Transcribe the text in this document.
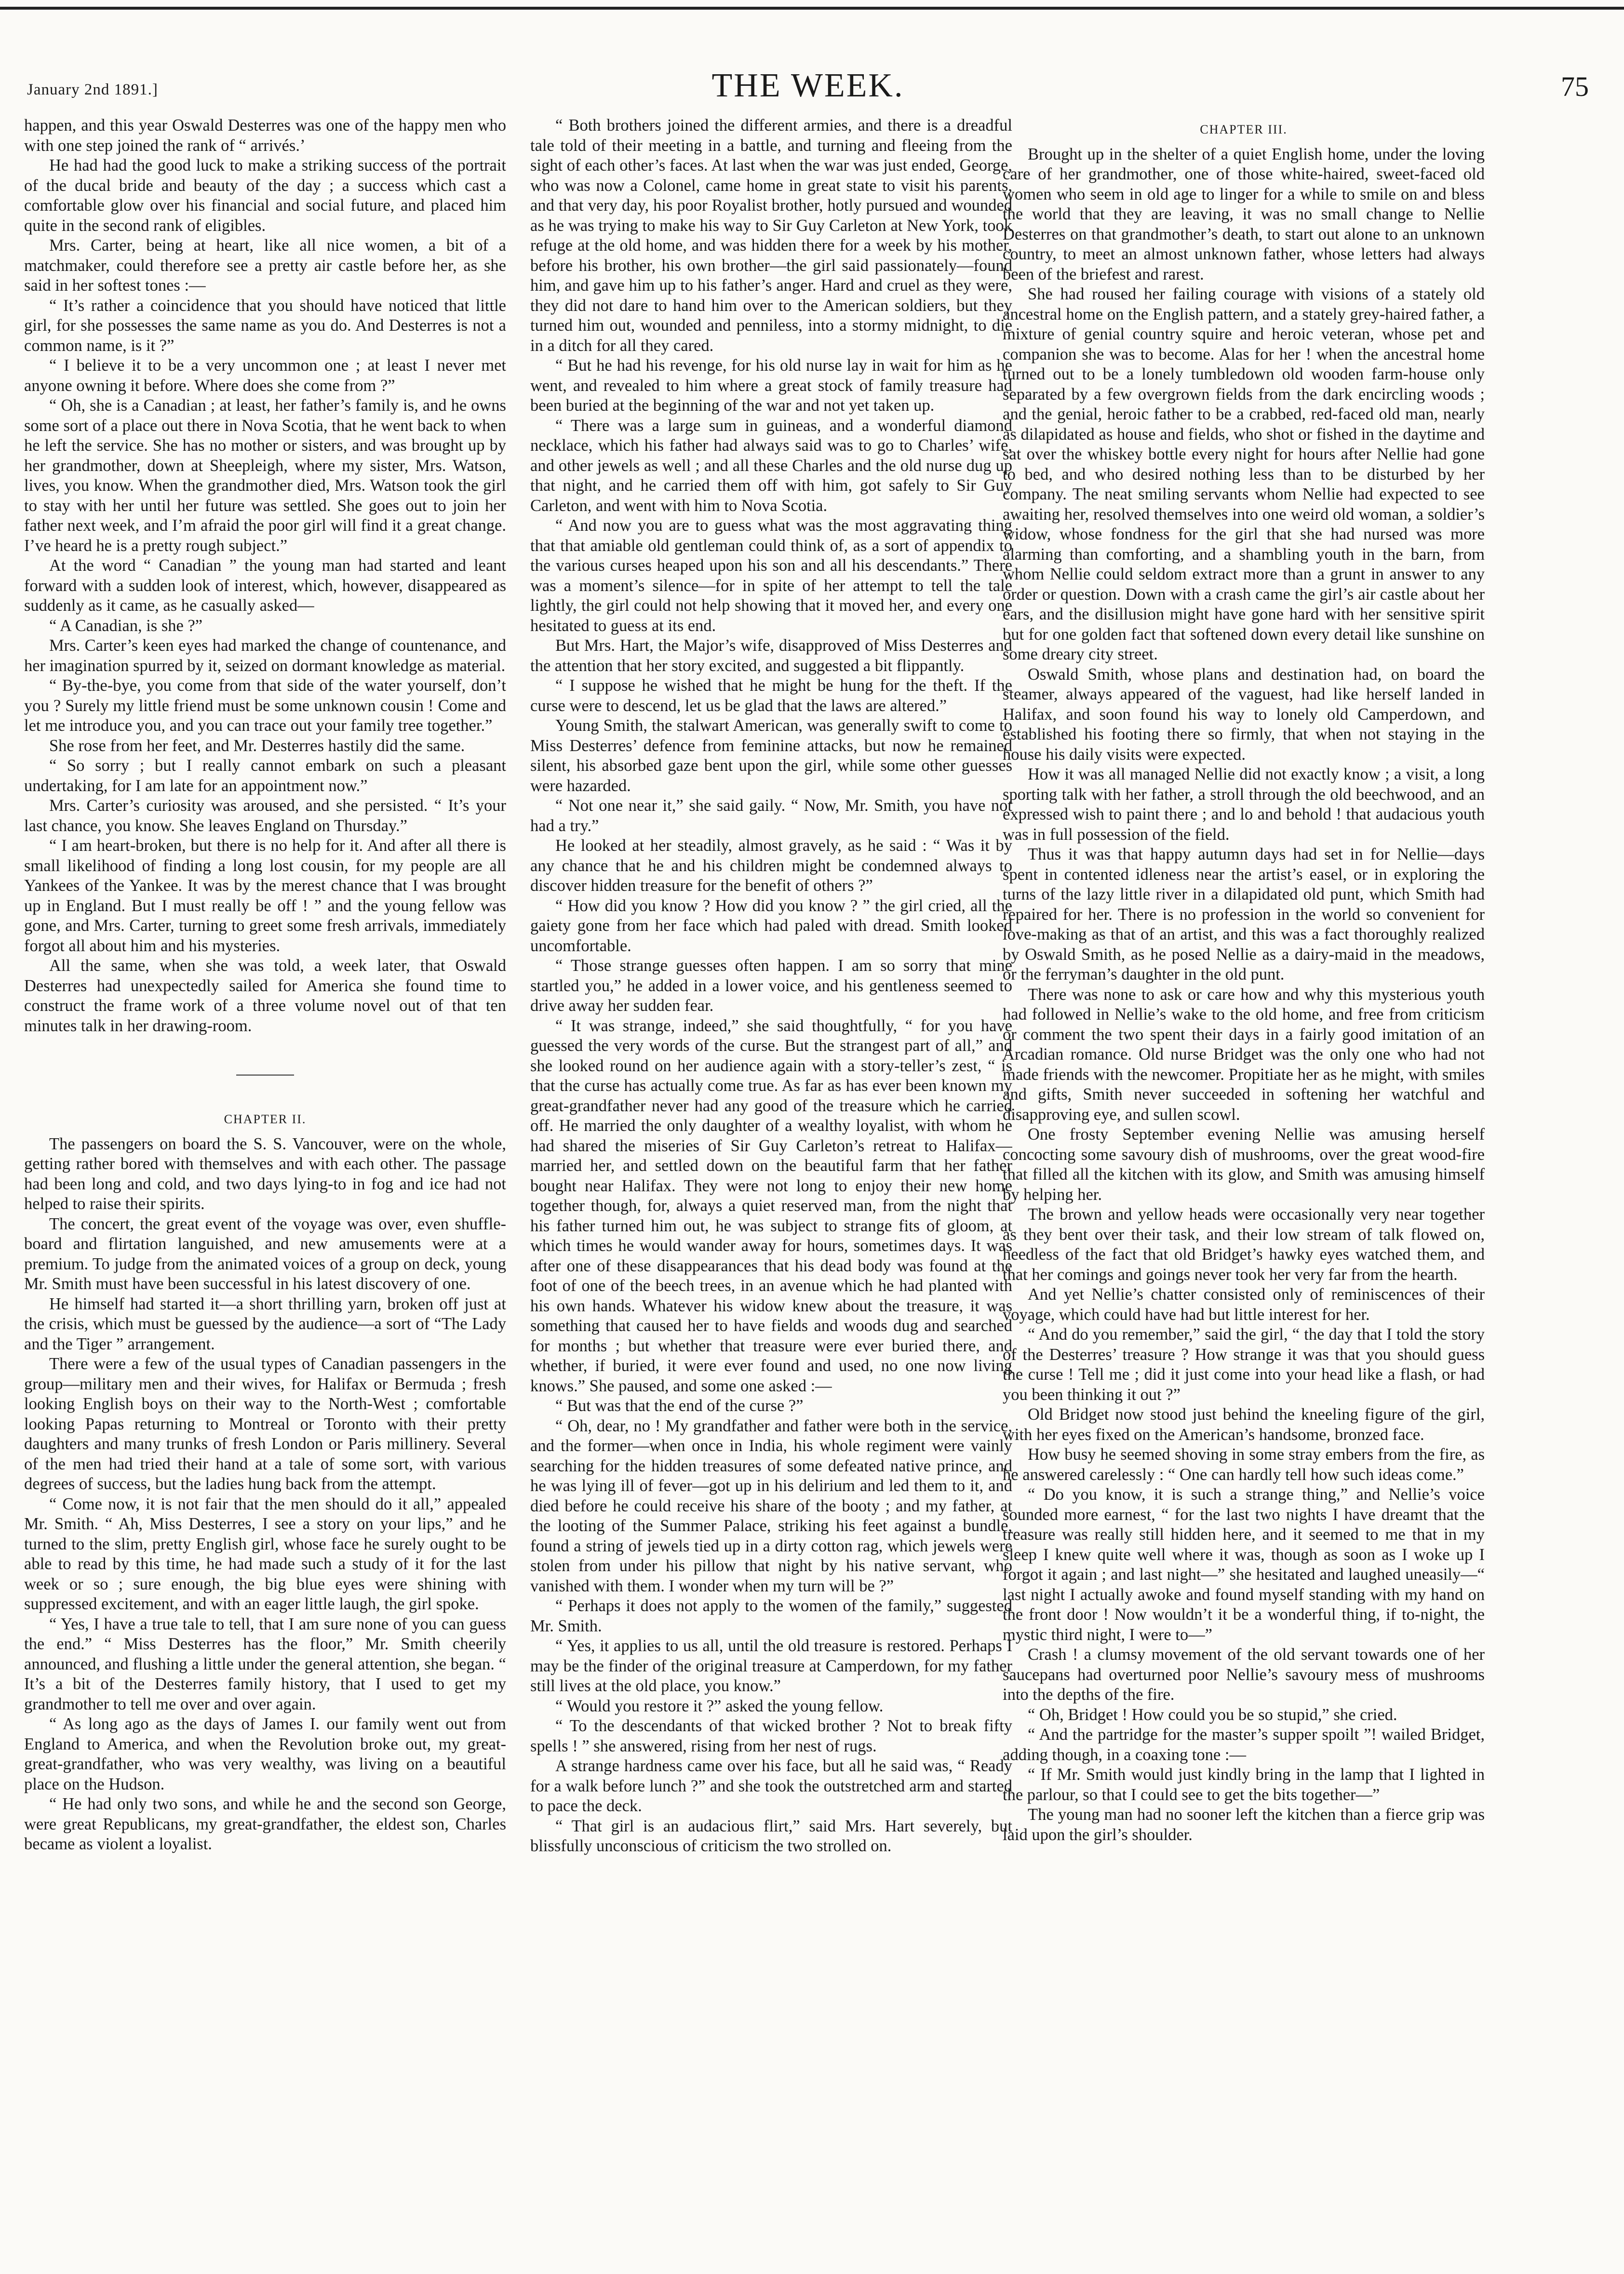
January 2nd 1891.]	THE WEEK.	75

happen, and this year Oswald Desterres was one of the happy men who with one step joined the rank of “ arrivés.’

He had had the good luck to make a striking success of the portrait of the ducal bride and beauty of the day ; a success which cast a comfortable glow over his financial and social future, and placed him quite in the second rank of eligibles.

Mrs. Carter, being at heart, like all nice women, a bit of a matchmaker, could therefore see a pretty air castle before her, as she said in her softest tones :—

“ It’s rather a coincidence that you should have noticed that little girl, for she possesses the same name as you do. And Desterres is not a common name, is it ?”

“ I believe it to be a very uncommon one ; at least I never met anyone owning it before. Where does she come from ?”

“ Oh, she is a Canadian ; at least, her father’s family is, and he owns some sort of a place out there in Nova Scotia, that he went back to when he left the service. She has no mother or sisters, and was brought up by her grandmother, down at Sheepleigh, where my sister, Mrs. Watson, lives, you know. When the grandmother died, Mrs. Watson took the girl to stay with her until her future was settled. She goes out to join her father next week, and I’m afraid the poor girl will find it a great change. I’ve heard he is a pretty rough subject.”

At the word “ Canadian ” the young man had started and leant forward with a sudden look of interest, which, however, disappeared as suddenly as it came, as he casually asked—

“ A Canadian, is she ?”

Mrs. Carter’s keen eyes had marked the change of countenance, and her imagination spurred by it, seized on dormant knowledge as material.

“ By-the-bye, you come from that side of the water yourself, don’t you ? Surely my little friend must be some unknown cousin ! Come and let me introduce you, and you can trace out your family tree together.”

She rose from her feet, and Mr. Desterres hastily did the same.

“ So sorry ; but I really cannot embark on such a pleasant undertaking, for I am late for an appointment now.”

Mrs. Carter’s curiosity was aroused, and she persisted. “ It’s your last chance, you know. She leaves England on Thursday.”

“ I am heart-broken, but there is no help for it. And after all there is small likelihood of finding a long lost cousin, for my people are all Yankees of the Yankee. It was by the merest chance that I was brought up in England. But I must really be off ! ” and the young fellow was gone, and Mrs. Carter, turning to greet some fresh arrivals, immediately forgot all about him and his mysteries.

All the same, when she was told, a week later, that Oswald Desterres had unexpectedly sailed for America she found time to construct the frame work of a three volume novel out of that ten minutes talk in her drawing-room.

CHAPTER II.

The passengers on board the S. S. Vancouver, were on the whole, getting rather bored with themselves and with each other. The passage had been long and cold, and two days lying-to in fog and ice had not helped to raise their spirits.

The concert, the great event of the voyage was over, even shuffle-board and flirtation languished, and new amusements were at a premium. To judge from the animated voices of a group on deck, young Mr. Smith must have been successful in his latest discovery of one.

He himself had started it—a short thrilling yarn, broken off just at the crisis, which must be guessed by the audience—a sort of “The Lady and the Tiger ” arrangement.

There were a few of the usual types of Canadian passengers in the group—military men and their wives, for Halifax or Bermuda ; fresh looking English boys on their way to the North-West ; comfortable looking Papas returning to Montreal or Toronto with their pretty daughters and many trunks of fresh London or Paris millinery. Several of the men had tried their hand at a tale of some sort, with various degrees of success, but the ladies hung back from the attempt.

“ Come now, it is not fair that the men should do it all,” appealed Mr. Smith. “ Ah, Miss Desterres, I see a story on your lips,” and he turned to the slim, pretty English girl, whose face he surely ought to be able to read by this time, he had made such a study of it for the last week or so ; sure enough, the big blue eyes were shining with suppressed excitement, and with an eager little laugh, the girl spoke.

“ Yes, I have a true tale to tell, that I am sure none of you can guess the end.” “ Miss Desterres has the floor,” Mr. Smith cheerily announced, and flushing a little under the general attention, she began. “ It’s a bit of the Desterres family history, that I used to get my grandmother to tell me over and over again.

“ As long ago as the days of James I. our family went out from England to America, and when the Revolution broke out, my great-great-grandfather, who was very wealthy, was living on a beautiful place on the Hudson.

“ He had only two sons, and while he and the second son George, were great Republicans, my great-grandfather, the eldest son, Charles became as violent a loyalist.

“ Both brothers joined the different armies, and there is a dreadful tale told of their meeting in a battle, and turning and fleeing from the sight of each other’s faces. At last when the war was just ended, George, who was now a Colonel, came home in great state to visit his parents, and that very day, his poor Royalist brother, hotly pursued and wounded as he was trying to make his way to Sir Guy Carleton at New York, took refuge at the old home, and was hidden there for a week by his mother, before his brother, his own brother—the girl said passionately—found him, and gave him up to his father’s anger. Hard and cruel as they were, they did not dare to hand him over to the American soldiers, but they turned him out, wounded and penniless, into a stormy midnight, to die in a ditch for all they cared.

“ But he had his revenge, for his old nurse lay in wait for him as he went, and revealed to him where a great stock of family treasure had been buried at the beginning of the war and not yet taken up.

“ There was a large sum in guineas, and a wonderful diamond necklace, which his father had always said was to go to Charles’ wife, and other jewels as well ; and all these Charles and the old nurse dug up that night, and he carried them off with him, got safely to Sir Guy Carleton, and went with him to Nova Scotia.

“ And now you are to guess what was the most aggravating thing that that amiable old gentleman could think of, as a sort of appendix to the various curses heaped upon his son and all his descendants.” There was a moment’s silence—for in spite of her attempt to tell the tale lightly, the girl could not help showing that it moved her, and every one hesitated to guess at its end.

But Mrs. Hart, the Major’s wife, disapproved of Miss Desterres and the attention that her story excited, and suggested a bit flippantly.

“ I suppose he wished that he might be hung for the theft. If the curse were to descend, let us be glad that the laws are altered.”

Young Smith, the stalwart American, was generally swift to come to Miss Desterres’ defence from feminine attacks, but now he remained silent, his absorbed gaze bent upon the girl, while some other guesses were hazarded.

“ Not one near it,” she said gaily. “ Now, Mr. Smith, you have not had a try.”

He looked at her steadily, almost gravely, as he said : “ Was it by any chance that he and his children might be condemned always to discover hidden treasure for the benefit of others ?”

“ How did you know ? How did you know ? ” the girl cried, all the gaiety gone from her face which had paled with dread. Smith looked uncomfortable.

“ Those strange guesses often happen. I am so sorry that mine startled you,” he added in a lower voice, and his gentleness seemed to drive away her sudden fear.

“ It was strange, indeed,” she said thoughtfully, “ for you have guessed the very words of the curse. But the strangest part of all,” and she looked round on her audience again with a story-teller’s zest, “ is that the curse has actually come true. As far as has ever been known my great-grandfather never had any good of the treasure which he carried off. He married the only daughter of a wealthy loyalist, with whom he had shared the miseries of Sir Guy Carleton’s retreat to Halifax—married her, and settled down on the beautiful farm that her father bought near Halifax. They were not long to enjoy their new home together though, for, always a quiet reserved man, from the night that his father turned him out, he was subject to strange fits of gloom, at which times he would wander away for hours, sometimes days. It was after one of these disappearances that his dead body was found at the foot of one of the beech trees, in an avenue which he had planted with his own hands. Whatever his widow knew about the treasure, it was something that caused her to have fields and woods dug and searched for months ; but whether that treasure were ever buried there, and whether, if buried, it were ever found and used, no one now living knows.” She paused, and some one asked :—

“ But was that the end of the curse ?”

“ Oh, dear, no ! My grandfather and father were both in the service, and the former—when once in India, his whole regiment were vainly searching for the hidden treasures of some defeated native prince, and he was lying ill of fever—got up in his delirium and led them to it, and died before he could receive his share of the booty ; and my father, at the looting of the Summer Palace, striking his feet against a bundle, found a string of jewels tied up in a dirty cotton rag, which jewels were stolen from under his pillow that night by his native servant, who vanished with them. I wonder when my turn will be ?”

“ Perhaps it does not apply to the women of the family,” suggested Mr. Smith.

“ Yes, it applies to us all, until the old treasure is restored. Perhaps I may be the finder of the original treasure at Camperdown, for my father still lives at the old place, you know.”

“ Would you restore it ?” asked the young fellow.

“ To the descendants of that wicked brother ? Not to break fifty spells ! ” she answered, rising from her nest of rugs.

A strange hardness came over his face, but all he said was, “ Ready for a walk before lunch ?” and she took the outstretched arm and started to pace the deck.

“ That girl is an audacious flirt,” said Mrs. Hart severely, but blissfully unconscious of criticism the two strolled on.

CHAPTER III.

Brought up in the shelter of a quiet English home, under the loving care of her grandmother, one of those white-haired, sweet-faced old women who seem in old age to linger for a while to smile on and bless the world that they are leaving, it was no small change to Nellie Desterres on that grandmother’s death, to start out alone to an unknown country, to meet an almost unknown father, whose letters had always been of the briefest and rarest.

She had roused her failing courage with visions of a stately old ancestral home on the English pattern, and a stately grey-haired father, a mixture of genial country squire and heroic veteran, whose pet and companion she was to become. Alas for her ! when the ancestral home turned out to be a lonely tumbledown old wooden farm-house only separated by a few overgrown fields from the dark encircling woods ; and the genial, heroic father to be a crabbed, red-faced old man, nearly as dilapidated as house and fields, who shot or fished in the daytime and sat over the whiskey bottle every night for hours after Nellie had gone to bed, and who desired nothing less than to be disturbed by her company. The neat smiling servants whom Nellie had expected to see awaiting her, resolved themselves into one weird old woman, a soldier’s widow, whose fondness for the girl that she had nursed was more alarming than comforting, and a shambling youth in the barn, from whom Nellie could seldom extract more than a grunt in answer to any order or question. Down with a crash came the girl’s air castle about her ears, and the disillusion might have gone hard with her sensitive spirit but for one golden fact that softened down every detail like sunshine on some dreary city street.

Oswald Smith, whose plans and destination had, on board the steamer, always appeared of the vaguest, had like herself landed in Halifax, and soon found his way to lonely old Camperdown, and established his footing there so firmly, that when not staying in the house his daily visits were expected.

How it was all managed Nellie did not exactly know ; a visit, a long sporting talk with her father, a stroll through the old beechwood, and an expressed wish to paint there ; and lo and behold ! that audacious youth was in full possession of the field.

Thus it was that happy autumn days had set in for Nellie—days spent in contented idleness near the artist’s easel, or in exploring the turns of the lazy little river in a dilapidated old punt, which Smith had repaired for her. There is no profession in the world so convenient for love-making as that of an artist, and this was a fact thoroughly realized by Oswald Smith, as he posed Nellie as a dairy-maid in the meadows, or the ferryman’s daughter in the old punt.

There was none to ask or care how and why this mysterious youth had followed in Nellie’s wake to the old home, and free from criticism or comment the two spent their days in a fairly good imitation of an Arcadian romance. Old nurse Bridget was the only one who had not made friends with the newcomer. Propitiate her as he might, with smiles and gifts, Smith never succeeded in softening her watchful and disapproving eye, and sullen scowl.

One frosty September evening Nellie was amusing herself concocting some savoury dish of mushrooms, over the great wood-fire that filled all the kitchen with its glow, and Smith was amusing himself by helping her.

The brown and yellow heads were occasionally very near together as they bent over their task, and their low stream of talk flowed on, heedless of the fact that old Bridget’s hawky eyes watched them, and that her comings and goings never took her very far from the hearth.

And yet Nellie’s chatter consisted only of reminiscences of their voyage, which could have had but little interest for her.

“ And do you remember,” said the girl, “ the day that I told the story of the Desterres’ treasure ? How strange it was that you should guess the curse ! Tell me ; did it just come into your head like a flash, or had you been thinking it out ?”

Old Bridget now stood just behind the kneeling figure of the girl, with her eyes fixed on the American’s handsome, bronzed face.

How busy he seemed shoving in some stray embers from the fire, as he answered carelessly : “ One can hardly tell how such ideas come.”

“ Do you know, it is such a strange thing,” and Nellie’s voice sounded more earnest, “ for the last two nights I have dreamt that the treasure was really still hidden here, and it seemed to me that in my sleep I knew quite well where it was, though as soon as I woke up I forgot it again ; and last night—” she hesitated and laughed uneasily—“ last night I actually awoke and found myself standing with my hand on the front door ! Now wouldn’t it be a wonderful thing, if to-night, the mystic third night, I were to—”

Crash ! a clumsy movement of the old servant towards one of her saucepans had overturned poor Nellie’s savoury mess of mushrooms into the depths of the fire.

“ Oh, Bridget ! How could you be so stupid,” she cried.

“ And the partridge for the master’s supper spoilt ”! wailed Bridget, adding though, in a coaxing tone :—

“ If Mr. Smith would just kindly bring in the lamp that I lighted in the parlour, so that I could see to get the bits together—”

The young man had no sooner left the kitchen than a fierce grip was laid upon the girl’s shoulder.
